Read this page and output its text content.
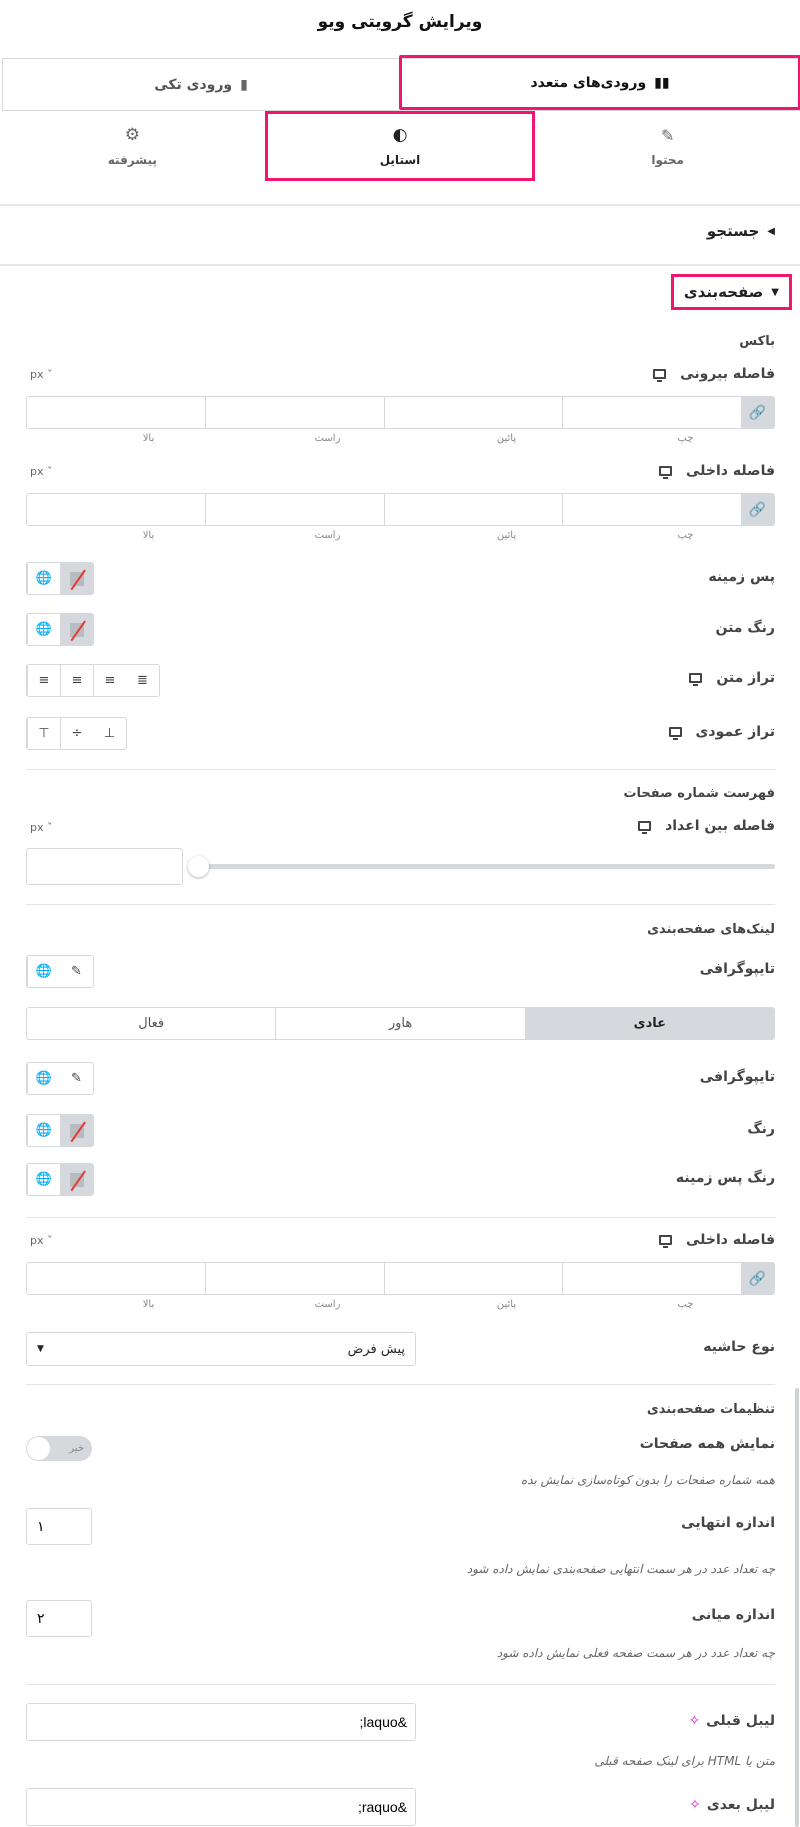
ویرایش گرویتی ویو
▮▮
ورودی‌های متعدد
▮
ورودی تکی
✎
محتوا
◐
استایل
⚙
پیشرفته
◀
جستجو
▼
صفحه‌بندی
باکس
فاصله بیرونی
ˇ px
🔗
بالا	راست	پائین	چپ
فاصله داخلی
ˇ px
🔗
بالا	راست	پائین	چپ
پس زمینه
🌐
رنگ متن
🌐
تراز متن
≣
≡
≡
≡
تراز عمودی
⊥
÷
⊤
فهرست شماره صفحات
فاصله بین اعداد
ˇ px
لینک‌های صفحه‌بندی
تایپوگرافی
✎
🌐
عادی
هاور
فعال
تایپوگرافی
✎
🌐
رنگ
🌐
رنگ پس زمینه
🌐
فاصله داخلی
ˇ px
🔗
بالا	راست	پائین	چپ
نوع حاشیه
پیش فرض
▼
تنظیمات صفحه‌بندی
نمایش همه صفحات
خیر
همه شماره صفحات را بدون کوتاه‌سازی نمایش بده
اندازه انتهایی
۱
چه تعداد عدد در هر سمت انتهایی صفحه‌بندی نمایش داده شود
اندازه میانی
۲
چه تعداد عدد در هر سمت صفحه فعلی نمایش داده شود
لیبل قبلی
✧
&laquo;
متن یا HTML برای لینک صفحه قبلی
لیبل بعدی
✧
&raquo;
